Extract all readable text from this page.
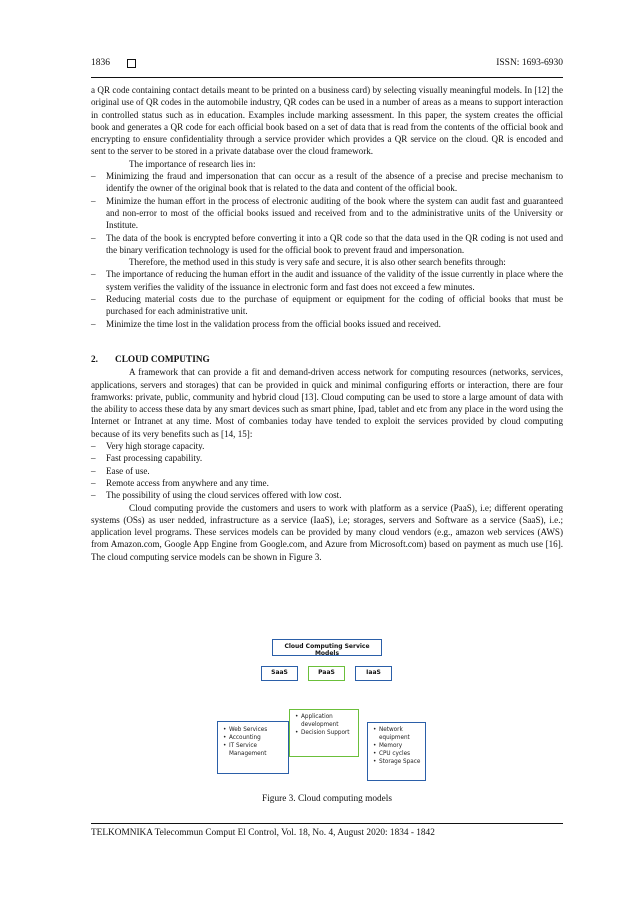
1836	ISSN: 1693-6930

a QR code containing contact details meant to be printed on a business card) by selecting visually meaningful models. In [12] the original use of QR codes in the automobile industry, QR codes can be used in a number of areas as a means to support interaction in controlled status such as in education. Examples include marking assessment. In this paper, the system creates the official book and generates a QR code for each official book based on a set of data that is read from the contents of the official book and encrypting to ensure confidentiality through a service provider which provides a QR service on the cloud. QR is encoded and sent to the server to be stored in a private database over the cloud framework.

The importance of research lies in:

– Minimizing the fraud and impersonation that can occur as a result of the absence of a precise and precise mechanism to identify the owner of the original book that is related to the data and content of the official book.
– Minimize the human effort in the process of electronic auditing of the book where the system can audit fast and guaranteed and non-error to most of the official books issued and received from and to the administrative units of the University or Institute.
– The data of the book is encrypted before converting it into a QR code so that the data used in the QR coding is not used and the binary verification technology is used for the official book to prevent fraud and impersonation.

Therefore, the method used in this study is very safe and secure, it is also other search benefits through:

– The importance of reducing the human effort in the audit and issuance of the validity of the issue currently in place where the system verifies the validity of the issuance in electronic form and fast does not exceed a few minutes.
– Reducing material costs due to the purchase of equipment or equipment for the coding of official books that must be purchased for each administrative unit.
– Minimize the time lost in the validation process from the official books issued and received.
2. CLOUD COMPUTING

A framework that can provide a fit and demand-driven access network for computing resources (networks, services, applications, servers and storages) that can be provided in quick and minimal configuring efforts or interaction, there are four framworks: private, public, community and hybrid cloud [13]. Cloud computing can be used to store a large amount of data with the ability to access these data by any smart devices such as smart phine, Ipad, tablet and etc from any place in the word using the Internet or Intranet at any time. Most of combanies today have tended to exploit the services provided by cloud computing because of its very benefits such as [14, 15]:

– Very high storage capacity.
– Fast processing capability.
– Ease of use.
– Remote access from anywhere and any time.
– The possibility of using the cloud services offered with low cost.

Cloud computing provide the customers and users to work with platform as a service (PaaS), i.e; different operating systems (OSs) as user nedded, infrastructure as a service (IaaS), i.e; storages, servers and Software as a service (SaaS), i.e.; application level programs. These services models can be provided by many cloud vendors (e.g., amazon web services (AWS) from Amazon.com, Google App Engine from Google.com, and Azure from Microsoft.com) based on payment as much use [16]. The cloud computing service models can be shown in Figure 3.

Cloud Computing Service Models
SaaS	PaaS	IaaS
• Web Services
• Accounting
• IT Service Management
• Application development
• Decision Support
•	Network equipment
• Memory
• CPU cycles
• Storage Space
Figure 3. Cloud computing models
TELKOMNIKA Telecommun Comput El Control, Vol. 18, No. 4, August 2020: 1834 - 1842
